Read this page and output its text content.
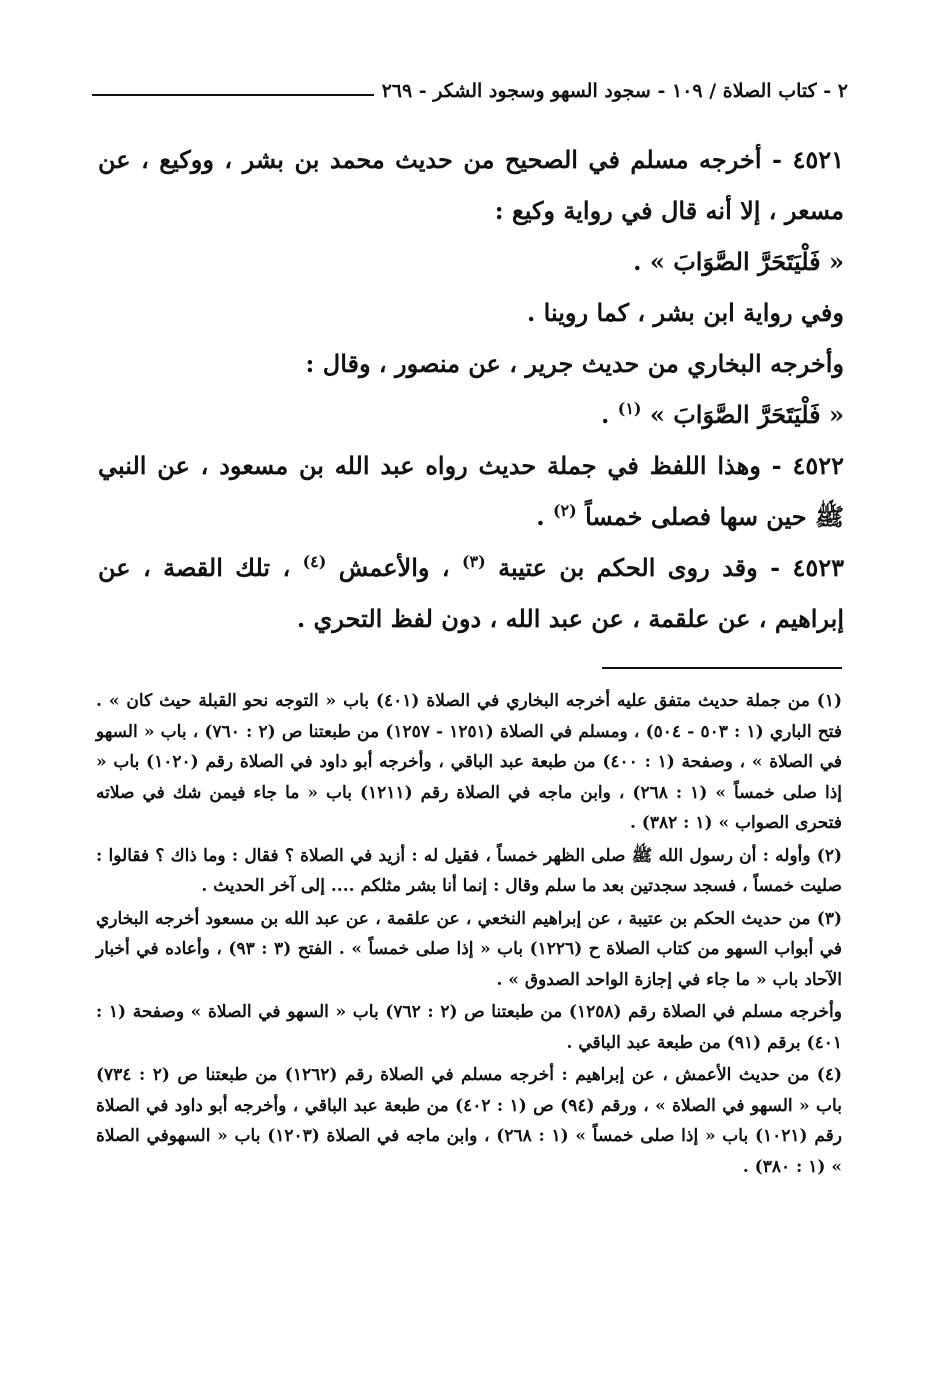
٢ - كتاب الصلاة / ١٠٩ - سجود السهو وسجود الشكر - ٢٦٩

٤٥٢١ - أخرجه مسلم في الصحيح من حديث محمد بن بشر ، ووكيع ، عن مسعر ، إلا أنه قال في رواية وكيع :

« فَلْيَتَحَرَّ الصَّوَابَ » .

وفي رواية ابن بشر ، كما روينا .

وأخرجه البخاري من حديث جرير ، عن منصور ، وقال :

« فَلْيَتَحَرَّ الصَّوَابَ » $^{(١)}$ .

٤٥٢٢ - وهذا اللفظ في جملة حديث رواه عبد الله بن مسعود ، عن النبي ﷺ حين سها فصلى خمساً $^{(٢)}$ .

٤٥٢٣ - وقد روى الحكم بن عتيبة $^{(٣)}$ ، والأعمش $^{(٤)}$ ، تلك القصة ، عن إبراهيم ، عن علقمة ، عن عبد الله ، دون لفظ التحري .

(١) من جملة حديث متفق عليه أخرجه البخاري في الصلاة (٤٠١) باب « التوجه نحو القبلة حيث كان » . فتح الباري (١ : ٥٠٣ - ٥٠٤) ، ومسلم في الصلاة (١٢٥١ - ١٢٥٧) من طبعتنا ص (٢ : ٧٦٠) ، باب « السهو في الصلاة » ، وصفحة (١ : ٤٠٠) من طبعة عبد الباقي ، وأخرجه أبو داود في الصلاة رقم (١٠٢٠) باب « إذا صلى خمساً » (١ : ٢٦٨) ، وابن ماجه في الصلاة رقم (١٢١١) باب « ما جاء فيمن شك في صلاته فتحرى الصواب » (١ : ٣٨٢) .

(٢) وأوله : أن رسول الله ﷺ صلى الظهر خمساً ، فقيل له : أزيد في الصلاة ؟ فقال : وما ذاك ؟ فقالوا : صليت خمساً ، فسجد سجدتين بعد ما سلم وقال : إنما أنا بشر مثلكم .... إلى آخر الحديث .

(٣) من حديث الحكم بن عتيبة ، عن إبراهيم النخعي ، عن علقمة ، عن عبد الله بن مسعود أخرجه البخاري في أبواب السهو من كتاب الصلاة ح (١٢٢٦) باب « إذا صلى خمساً » . الفتح (٣ : ٩٣) ، وأعاده في أخبار الآحاد باب « ما جاء في إجازة الواحد الصدوق » .

وأخرجه مسلم في الصلاة رقم (١٢٥٨) من طبعتنا ص (٢ : ٧٦٢) باب « السهو في الصلاة » وصفحة (١ : ٤٠١) برقم (٩١) من طبعة عبد الباقي .

(٤) من حديث الأعمش ، عن إبراهيم : أخرجه مسلم في الصلاة رقم (١٢٦٢) من طبعتنا ص (٢ : ٧٣٤) باب « السهو في الصلاة » ، ورقم (٩٤) ص (١ : ٤٠٢) من طبعة عبد الباقي ، وأخرجه أبو داود في الصلاة رقم (١٠٢١) باب « إذا صلى خمساً » (١ : ٢٦٨) ، وابن ماجه في الصلاة (١٢٠٣) باب « السهوفي الصلاة » (١ : ٣٨٠) .
